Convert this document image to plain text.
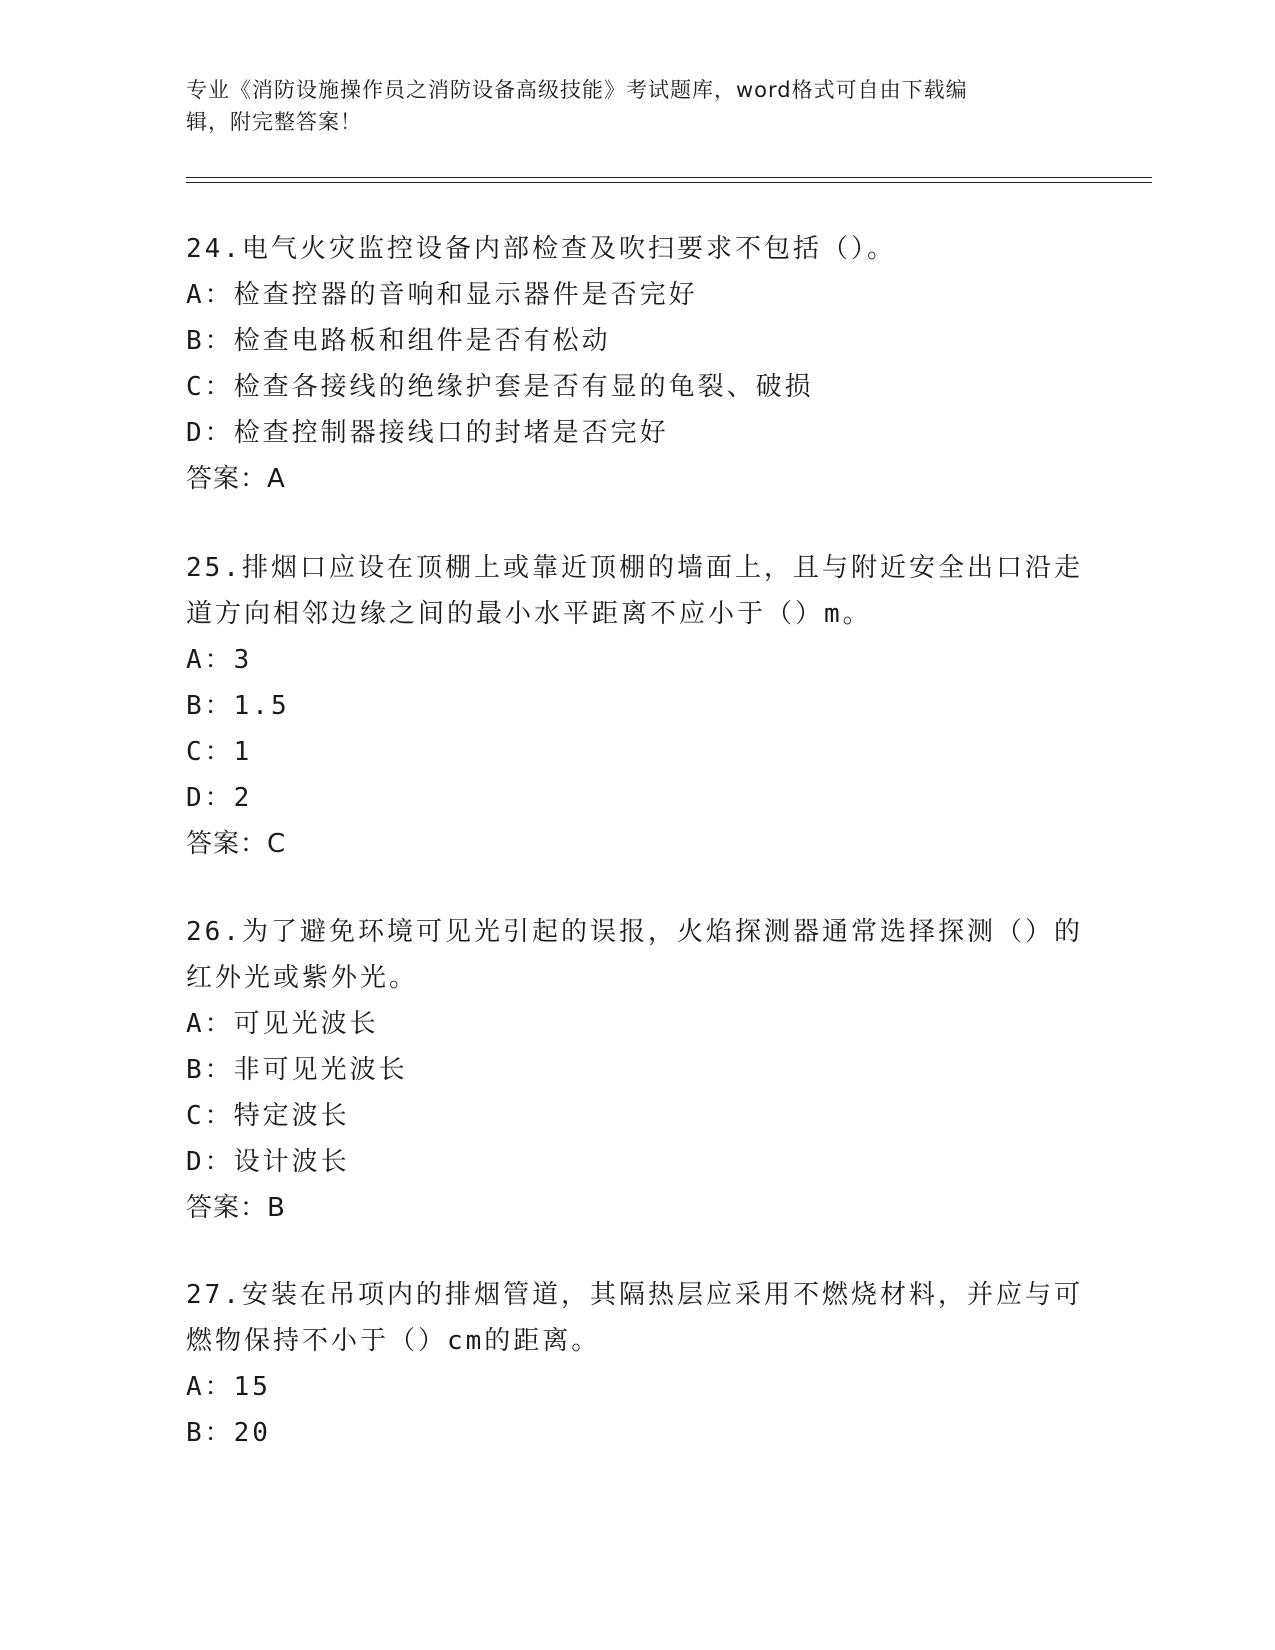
专业《消防设施操作员之消防设备高级技能》考试题库，word格式可自由下载编
辑，附完整答案！

24.电气火灾监控设备内部检查及吹扫要求不包括（）。

A：检查控器的音响和显示器件是否完好

B：检查电路板和组件是否有松动

C：检查各接线的绝缘护套是否有显的龟裂、破损

D：检查控制器接线口的封堵是否完好

答案：A

25.排烟口应设在顶棚上或靠近顶棚的墙面上，且与附近安全出口沿走

道方向相邻边缘之间的最小水平距离不应小于（）m。

A：3

B：1.5

C：1

D：2

答案：C

26.为了避免环境可见光引起的误报，火焰探测器通常选择探测（）的

红外光或紫外光。

A：可见光波长

B：非可见光波长

C：特定波长

D：设计波长

答案：B

27.安装在吊项内的排烟管道，其隔热层应采用不燃烧材料，并应与可

燃物保持不小于（）cm的距离。

A：15

B：20
